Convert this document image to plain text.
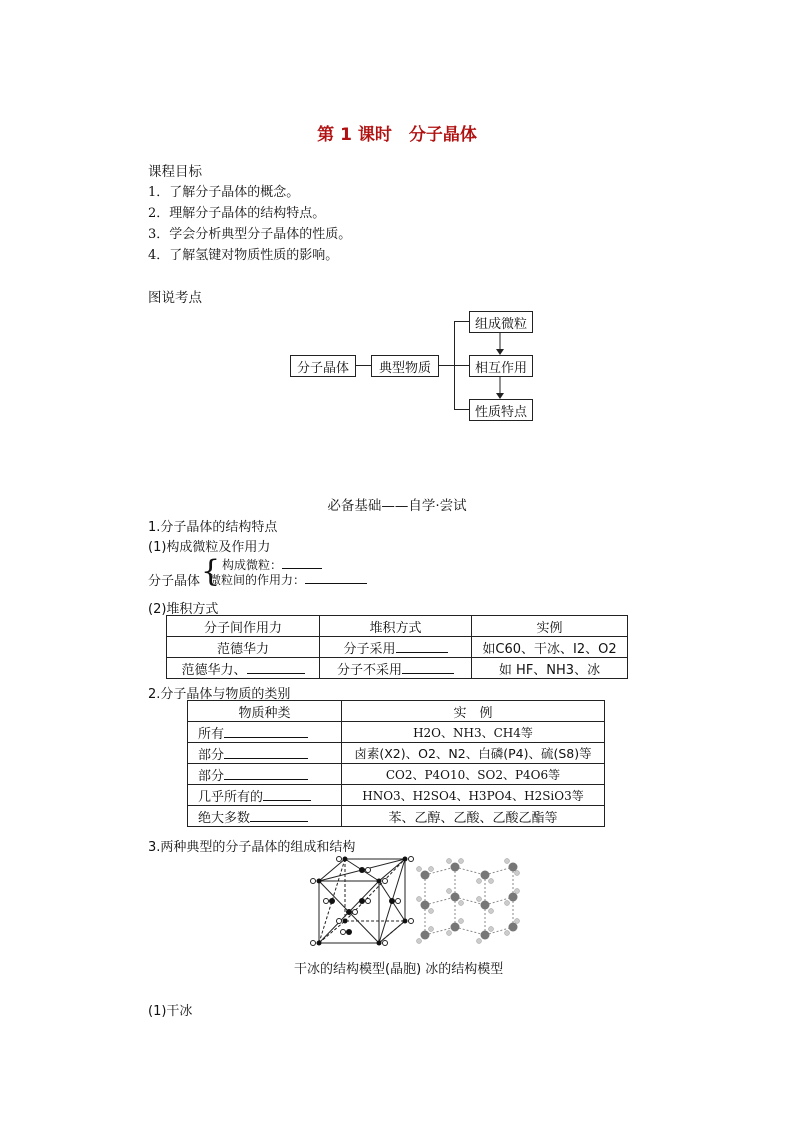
第 1 课时　分子晶体
课程目标
1．了解分子晶体的概念。
2．理解分子晶体的结构特点。
3．学会分析典型分子晶体的性质。
4．了解氢键对物质性质的影响。
图说考点
分子晶体	典型物质
组成微粒
相互作用
性质特点
必备基础——自学·尝试
1.分子晶体的结构特点
(1)构成微粒及作用力
分子晶体 { 构成微粒：
微粒间的作用力：
(2)堆积方式
分子间作用力	堆积方式	实例
范德华力	分子采用	如C60、干冰、I2、O2
范德华力、	分子不采用	如 HF、NH3、冰
2.分子晶体与物质的类别
物质种类	实　例
所有	H2O、NH3、CH4等
部分	卤素(X2)、O2、N2、白磷(P4)、硫(S8)等
部分	CO2、P4O10、SO2、P4O6等
几乎所有的	HNO3、H2SO4、H3PO4、H2SiO3等
绝大多数	苯、乙醇、乙酸、乙酸乙酯等
3.两种典型的分子晶体的组成和结构
干冰的结构模型(晶胞) 冰的结构模型
(1)干冰
